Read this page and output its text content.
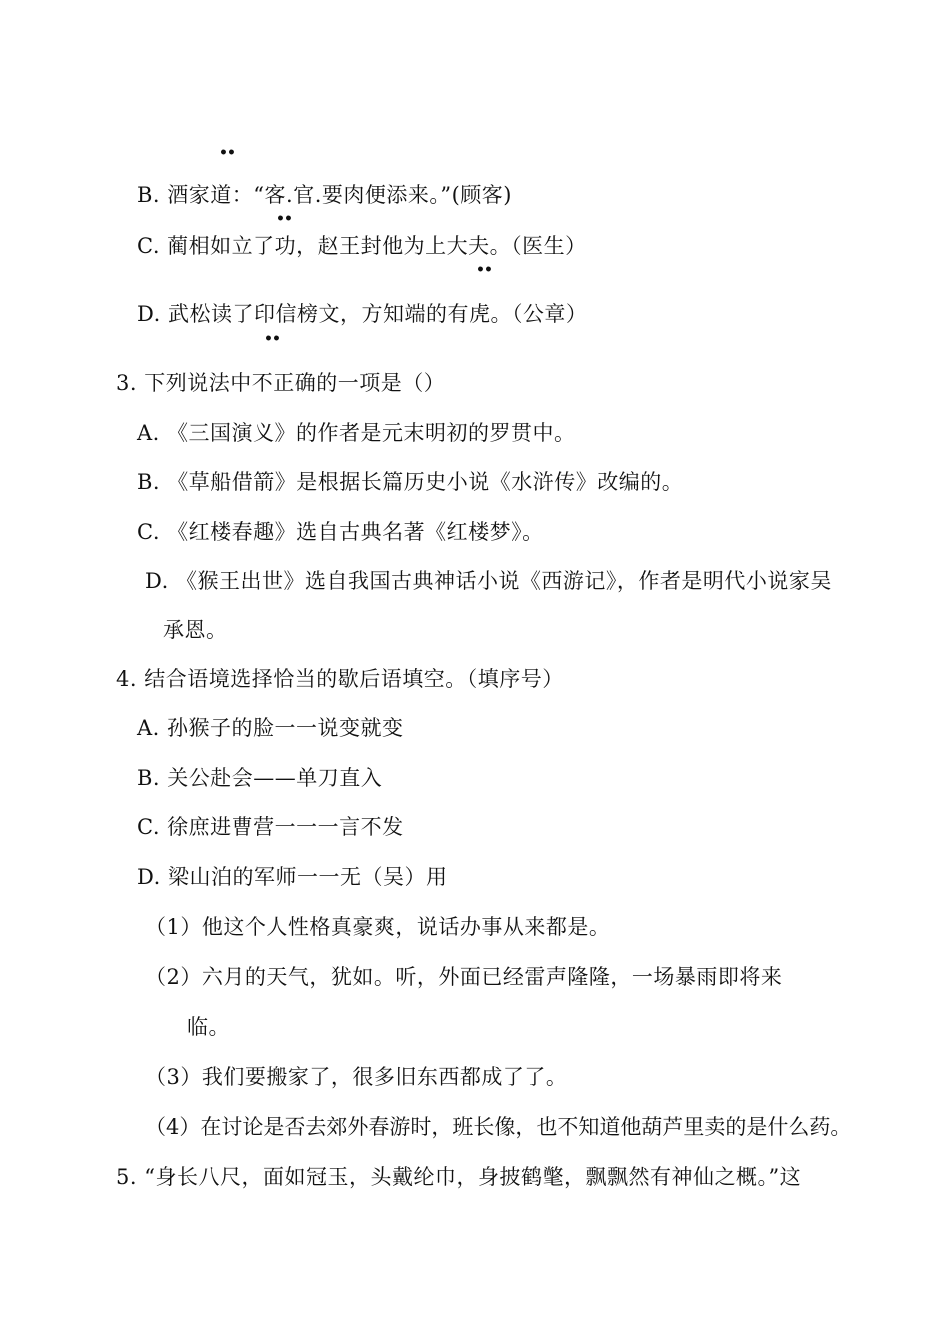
••
••
••
••
B. 酒家道：“客.官.要肉便添来。”(顾客)
C. 蔺相如立了功，赵王封他为上大夫。（医生）
D. 武松读了印信榜文，方知端的有虎。（公章）
3. 下列说法中不正确的一项是（）
A. 《三国演义》的作者是元末明初的罗贯中。
B. 《草船借箭》是根据长篇历史小说《水浒传》改编的。
C. 《红楼春趣》选自古典名著《红楼梦》。
D. 《猴王出世》选自我国古典神话小说《西游记》，作者是明代小说家吴
承恩。
4. 结合语境选择恰当的歇后语填空。（填序号）
A. 孙猴子的脸一一说变就变
B. 关公赴会——单刀直入
C. 徐庶进曹营一一一言不发
D. 梁山泊的军师一一无（吴）用
（1）他这个人性格真豪爽，说话办事从来都是。
（2）六月的天气，犹如。听，外面已经雷声隆隆，一场暴雨即将来
临。
（3）我们要搬家了，很多旧东西都成了了。
（4）在讨论是否去郊外春游时，班长像，也不知道他葫芦里卖的是什么药。
5. “身长八尺，面如冠玉，头戴纶巾，身披鹤氅，飘飘然有神仙之概。”这
